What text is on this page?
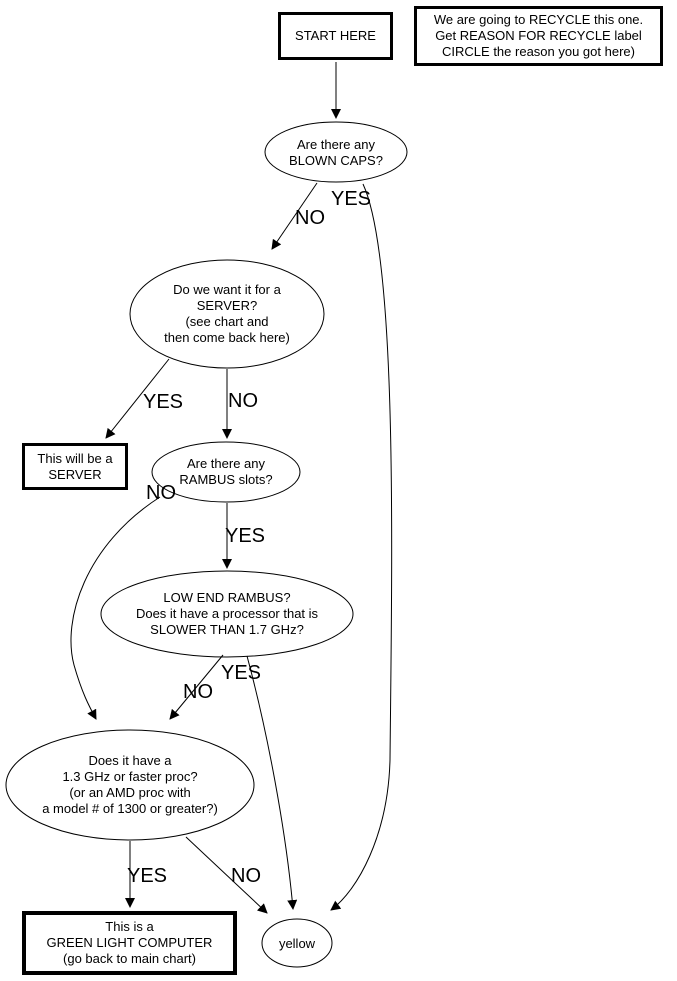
START HERE
We are going to RECYCLE this one.
Get REASON FOR RECYCLE label
CIRCLE the reason you got here)
This will be a
SERVER
This is a
GREEN LIGHT COMPUTER
(go back to main chart)
Are there any
BLOWN CAPS?
Do we want it for a
SERVER?
(see chart and
then come back here)
Are there any
RAMBUS slots?
LOW END RAMBUS?
Does it have a processor that is
SLOWER THAN 1.7 GHz?
Does it have a
1.3 GHz or faster proc?
(or an AMD proc with
a model # of 1300 or greater?)
yellow
YES
NO
YES NO
NO
YES
YES
NO
YES	NO
